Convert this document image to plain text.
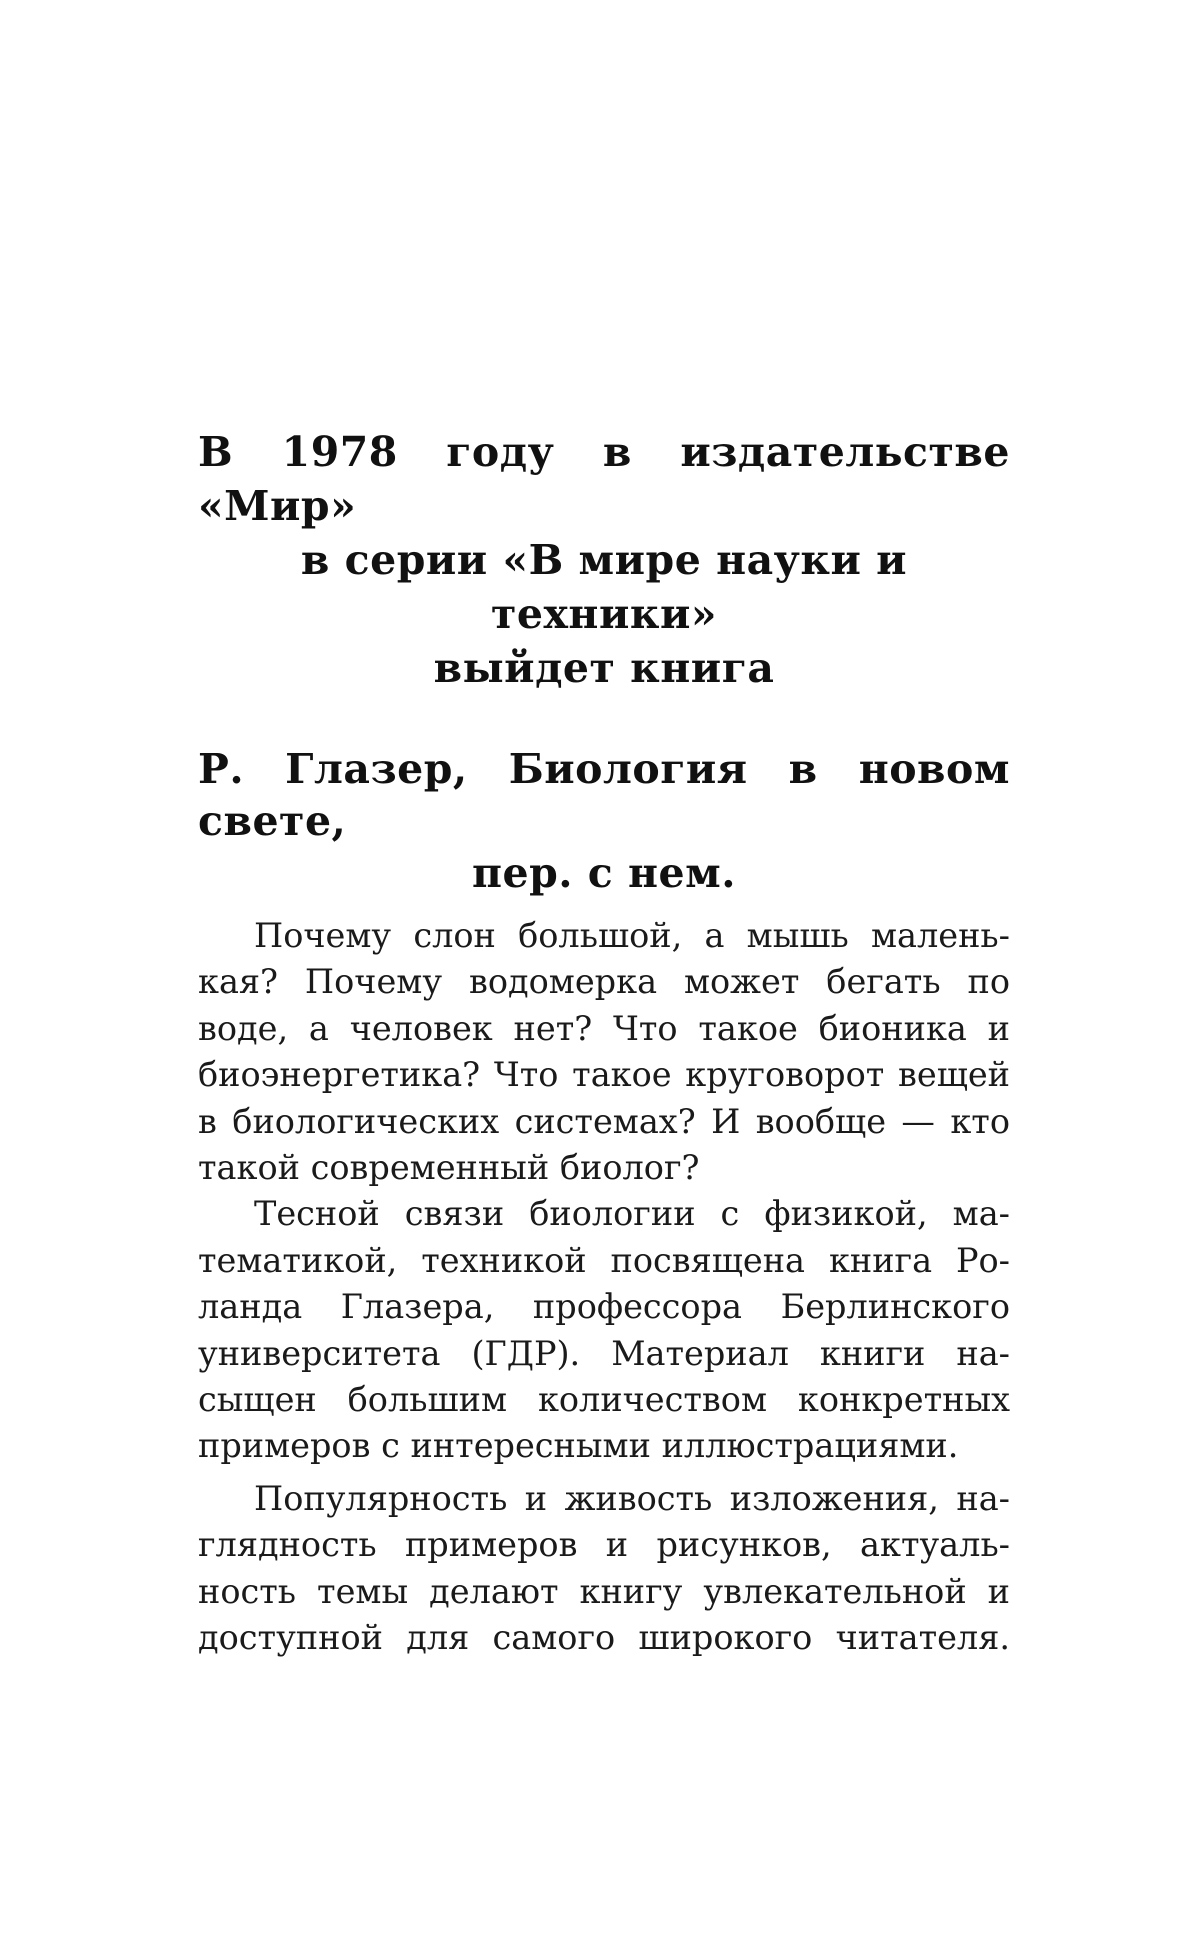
В 1978 году в издательстве «Мир»
в серии «В мире науки и техники»
выйдет книга
Р. Глазер, Биология в новом свете,
пер. с нем.

Почему слон большой, а мышь малень-
кая? Почему водомерка может бегать по
воде, а человек нет? Что такое бионика и
биоэнергетика? Что такое круговорот вещей
в биологических системах? И вообще — кто
такой современный биолог?

Тесной связи биологии с физикой, ма-
тематикой, техникой посвящена книга Ро-
ланда Глазера, профессора Берлинского
университета (ГДР). Материал книги на-
сыщен большим количеством конкретных
примеров с интересными иллюстрациями.

Популярность и живость изложения, на-
глядность примеров и рисунков, актуаль-
ность темы делают книгу увлекательной и
доступной для самого широкого читателя.
